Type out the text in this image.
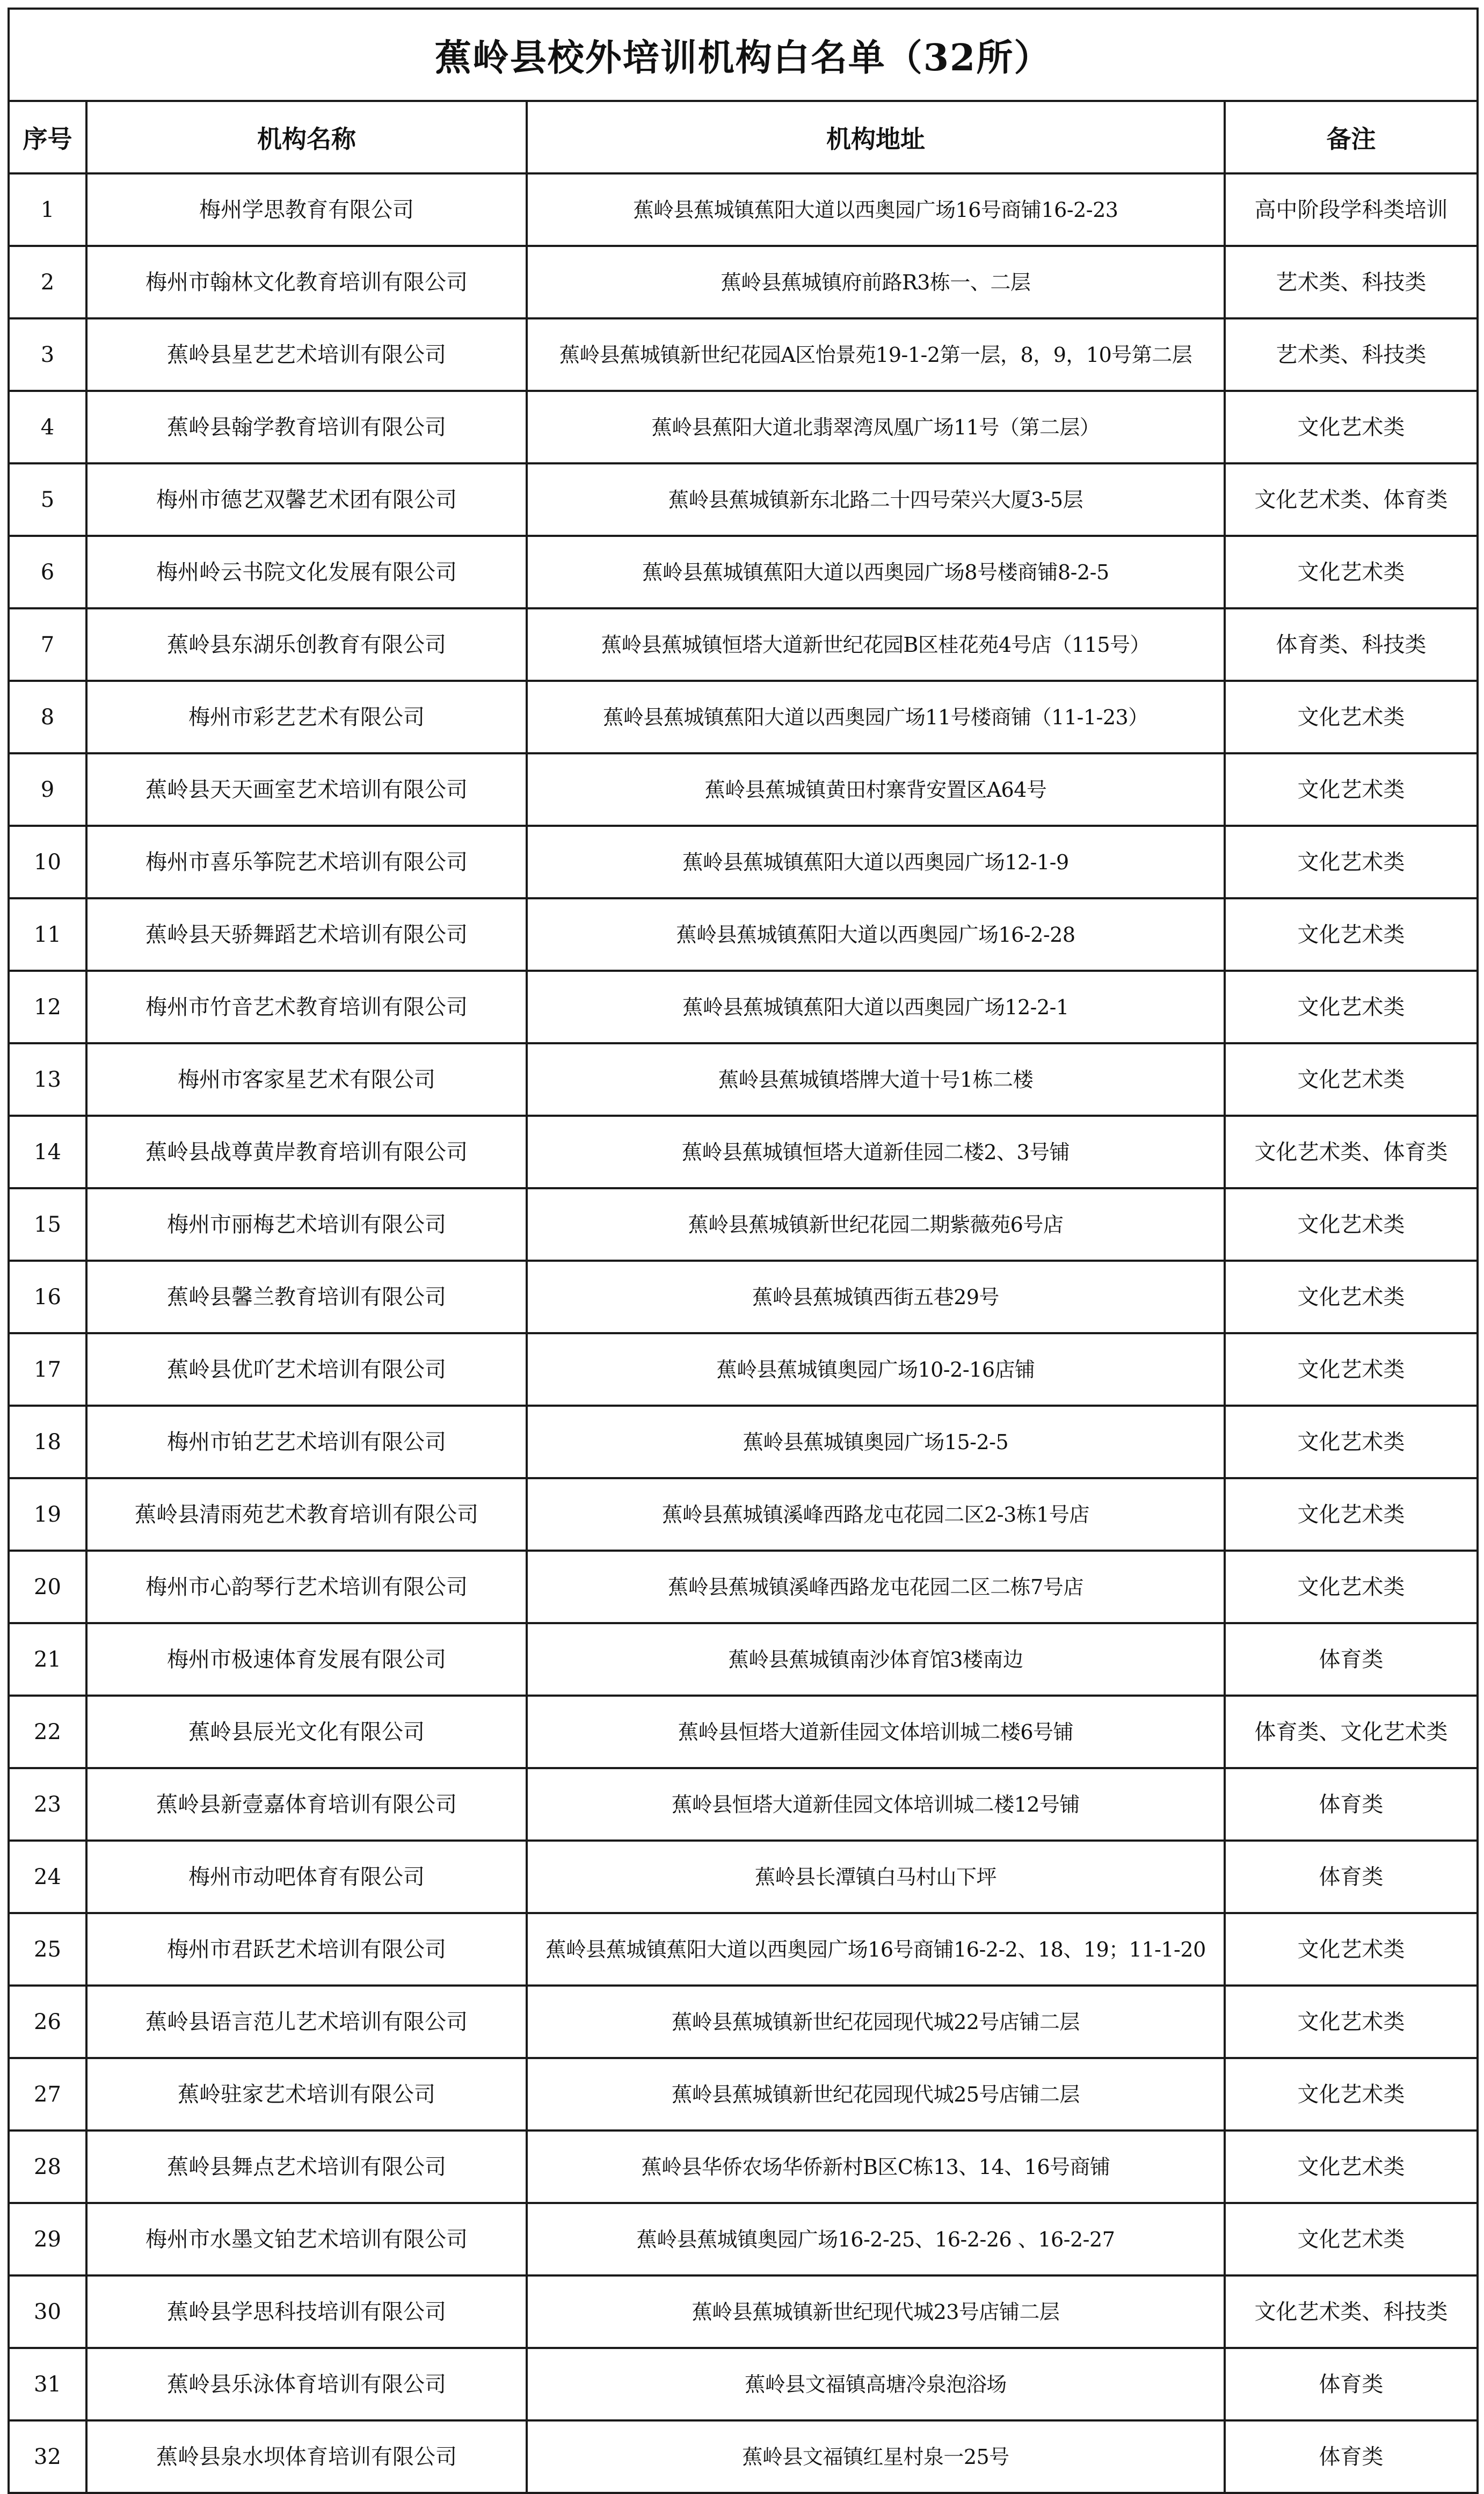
蕉岭县校外培训机构白名单（32所）			
序号	机构名称	机构地址	备注
1	梅州学思教育有限公司	蕉岭县蕉城镇蕉阳大道以西奥园广场16号商铺16-2-23	高中阶段学科类培训
2	梅州市翰林文化教育培训有限公司	蕉岭县蕉城镇府前路R3栋一、二层	艺术类、科技类
3	蕉岭县星艺艺术培训有限公司	蕉岭县蕉城镇新世纪花园A区怡景苑19-1-2第一层，8，9，10号第二层	艺术类、科技类
4	蕉岭县翰学教育培训有限公司	蕉岭县蕉阳大道北翡翠湾凤凰广场11号（第二层）	文化艺术类
5	梅州市德艺双馨艺术团有限公司	蕉岭县蕉城镇新东北路二十四号荣兴大厦3-5层	文化艺术类、体育类
6	梅州岭云书院文化发展有限公司	蕉岭县蕉城镇蕉阳大道以西奥园广场8号楼商铺8-2-5	文化艺术类
7	蕉岭县东湖乐创教育有限公司	蕉岭县蕉城镇恒塔大道新世纪花园B区桂花苑4号店（115号）	体育类、科技类
8	梅州市彩艺艺术有限公司	蕉岭县蕉城镇蕉阳大道以西奥园广场11号楼商铺（11-1-23）	文化艺术类
9	蕉岭县天天画室艺术培训有限公司	蕉岭县蕉城镇黄田村寨背安置区A64号	文化艺术类
10	梅州市喜乐筝院艺术培训有限公司	蕉岭县蕉城镇蕉阳大道以西奥园广场12-1-9	文化艺术类
11	蕉岭县天骄舞蹈艺术培训有限公司	蕉岭县蕉城镇蕉阳大道以西奥园广场16-2-28	文化艺术类
12	梅州市竹音艺术教育培训有限公司	蕉岭县蕉城镇蕉阳大道以西奥园广场12-2-1	文化艺术类
13	梅州市客家星艺术有限公司	蕉岭县蕉城镇塔牌大道十号1栋二楼	文化艺术类
14	蕉岭县战尊黄岸教育培训有限公司	蕉岭县蕉城镇恒塔大道新佳园二楼2、3号铺	文化艺术类、体育类
15	梅州市丽梅艺术培训有限公司	蕉岭县蕉城镇新世纪花园二期紫薇苑6号店	文化艺术类
16	蕉岭县馨兰教育培训有限公司	蕉岭县蕉城镇西街五巷29号	文化艺术类
17	蕉岭县优吖艺术培训有限公司	蕉岭县蕉城镇奥园广场10-2-16店铺	文化艺术类
18	梅州市铂艺艺术培训有限公司	蕉岭县蕉城镇奥园广场15-2-5	文化艺术类
19	蕉岭县清雨苑艺术教育培训有限公司	蕉岭县蕉城镇溪峰西路龙屯花园二区2-3栋1号店	文化艺术类
20	梅州市心韵琴行艺术培训有限公司	蕉岭县蕉城镇溪峰西路龙屯花园二区二栋7号店	文化艺术类
21	梅州市极速体育发展有限公司	蕉岭县蕉城镇南沙体育馆3楼南边	体育类
22	蕉岭县辰光文化有限公司	蕉岭县恒塔大道新佳园文体培训城二楼6号铺	体育类、文化艺术类
23	蕉岭县新壹嘉体育培训有限公司	蕉岭县恒塔大道新佳园文体培训城二楼12号铺	体育类
24	梅州市动吧体育有限公司	蕉岭县长潭镇白马村山下坪	体育类
25	梅州市君跃艺术培训有限公司	蕉岭县蕉城镇蕉阳大道以西奥园广场16号商铺16-2-2、18、19；11-1-20	文化艺术类
26	蕉岭县语言范儿艺术培训有限公司	蕉岭县蕉城镇新世纪花园现代城22号店铺二层	文化艺术类
27	蕉岭驻家艺术培训有限公司	蕉岭县蕉城镇新世纪花园现代城25号店铺二层	文化艺术类
28	蕉岭县舞点艺术培训有限公司	蕉岭县华侨农场华侨新村B区C栋13、14、16号商铺	文化艺术类
29	梅州市水墨文铂艺术培训有限公司	蕉岭县蕉城镇奥园广场16-2-25、16-2-26 、16-2-27	文化艺术类
30	蕉岭县学思科技培训有限公司	蕉岭县蕉城镇新世纪现代城23号店铺二层	文化艺术类、科技类
31	蕉岭县乐泳体育培训有限公司	蕉岭县文福镇高塘冷泉泡浴场	体育类
32	蕉岭县泉水坝体育培训有限公司	蕉岭县文福镇红星村泉一25号	体育类
